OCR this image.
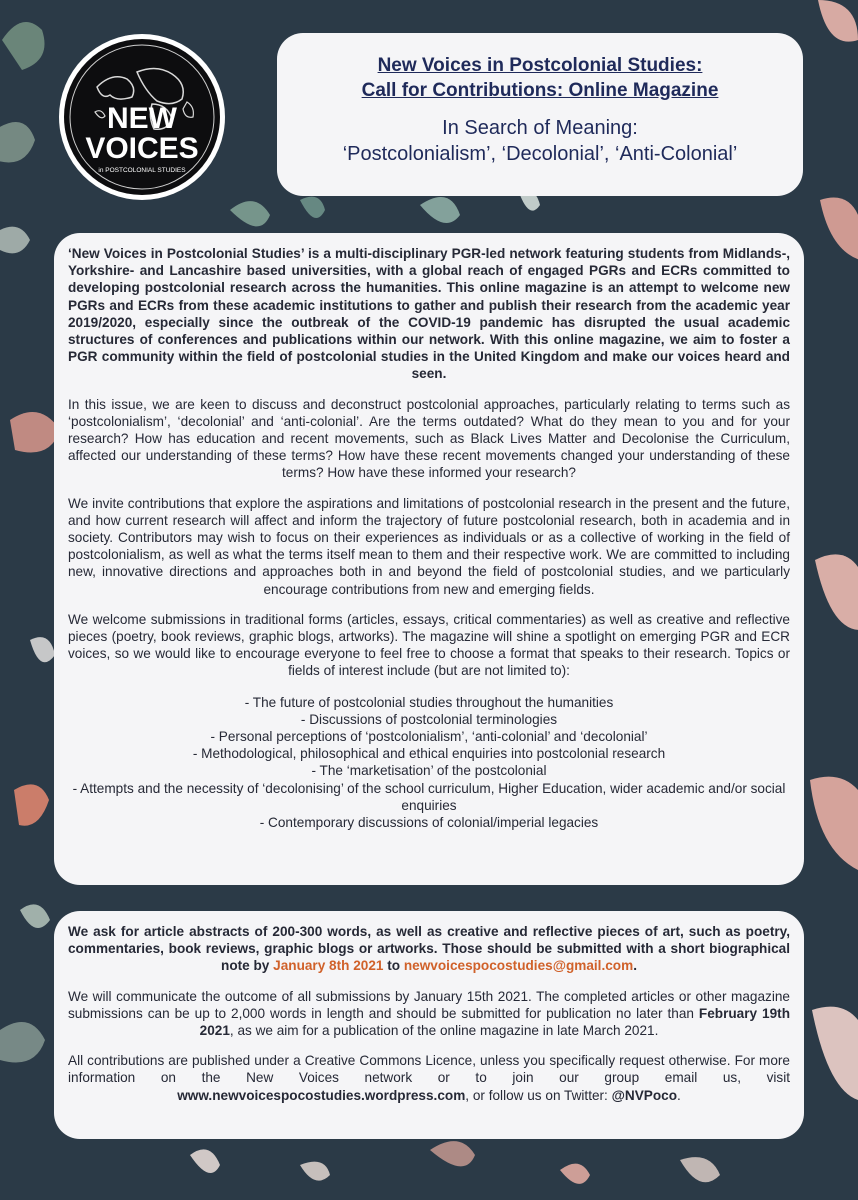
NEW
VOICES
in POSTCOLONIAL STUDIES
New Voices in Postcolonial Studies:
Call for Contributions: Online Magazine
In Search of Meaning:
‘Postcolonialism’, ‘Decolonial’, ‘Anti-Colonial’

‘New Voices in Postcolonial Studies’ is a multi-disciplinary PGR-led network featuring students from Midlands-, Yorkshire- and Lancashire based universities, with a global reach of engaged PGRs and ECRs committed to developing postcolonial research across the humanities. This online magazine is an attempt to welcome new PGRs and ECRs from these academic institutions to gather and publish their research from the academic year 2019/2020, especially since the outbreak of the COVID-19 pandemic has disrupted the usual academic structures of conferences and publications within our network. With this online magazine, we aim to foster a PGR community within the field of postcolonial studies in the United Kingdom and make our voices heard and seen.

In this issue, we are keen to discuss and deconstruct postcolonial approaches, particularly relating to terms such as ‘postcolonialism’, ‘decolonial’ and ‘anti-colonial’. Are the terms outdated? What do they mean to you and for your research? How has education and recent movements, such as Black Lives Matter and Decolonise the Curriculum, affected our understanding of these terms? How have these recent movements changed your understanding of these terms? How have these informed your research?

We invite contributions that explore the aspirations and limitations of postcolonial research in the present and the future, and how current research will affect and inform the trajectory of future postcolonial research, both in academia and in society. Contributors may wish to focus on their experiences as individuals or as a collective of working in the field of postcolonialism, as well as what the terms itself mean to them and their respective work. We are committed to including new, innovative directions and approaches both in and beyond the field of postcolonial studies, and we particularly encourage contributions from new and emerging fields.

We welcome submissions in traditional forms (articles, essays, critical commentaries) as well as creative and reflective pieces (poetry, book reviews, graphic blogs, artworks). The magazine will shine a spotlight on emerging PGR and ECR voices, so we would like to encourage everyone to feel free to choose a format that speaks to their research. Topics or fields of interest include (but are not limited to):

- The future of postcolonial studies throughout the humanities
- Discussions of postcolonial terminologies
- Personal perceptions of ‘postcolonialism’, ‘anti-colonial’ and ‘decolonial’
- Methodological, philosophical and ethical enquiries into postcolonial research
- The ‘marketisation’ of the postcolonial
- Attempts and the necessity of ‘decolonising’ of the school curriculum, Higher Education, wider academic and/or social enquiries
- Contemporary discussions of colonial/imperial legacies

We ask for article abstracts of 200-300 words, as well as creative and reflective pieces of art, such as poetry, commentaries, book reviews, graphic blogs or artworks. Those should be submitted with a short biographical note by January 8th 2021 to newvoicespocostudies@gmail.com.

We will communicate the outcome of all submissions by January 15th 2021. The completed articles or other magazine submissions can be up to 2,000 words in length and should be submitted for publication no later than February 19th 2021, as we aim for a publication of the online magazine in late March 2021.

All contributions are published under a Creative Commons Licence, unless you specifically request otherwise. For more information on the New Voices network or to join our group email us, visit www.newvoicespocostudies.wordpress.com, or follow us on Twitter: @NVPoco.
